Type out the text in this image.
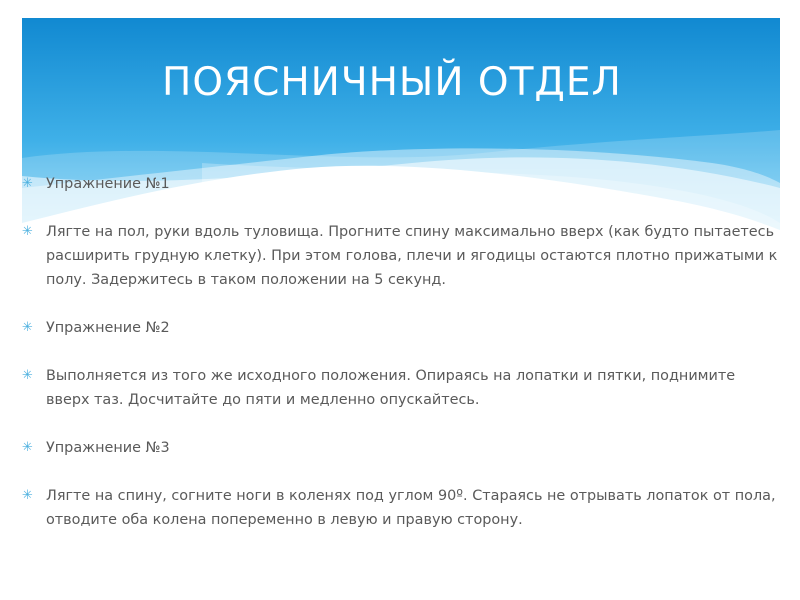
ПОЯСНИЧНЫЙ ОТДЕЛ
✳ Упражнение №1
✳ Лягте на пол, руки вдоль туловища. Прогните спину максимально вверх (как будто пытаетесь расширить грудную клетку). При этом голова, плечи и ягодицы остаются плотно прижатыми к полу. Задержитесь в таком положении на 5 секунд.
✳ Упражнение №2
✳ Выполняется из того же исходного положения. Опираясь на лопатки и пятки, поднимите вверх таз. Досчитайте до пяти и медленно опускайтесь.
✳ Упражнение №3
✳ Лягте на спину, согните ноги в коленях под углом 90º. Стараясь не отрывать лопаток от пола, отводите оба колена попеременно в левую и правую сторону.
